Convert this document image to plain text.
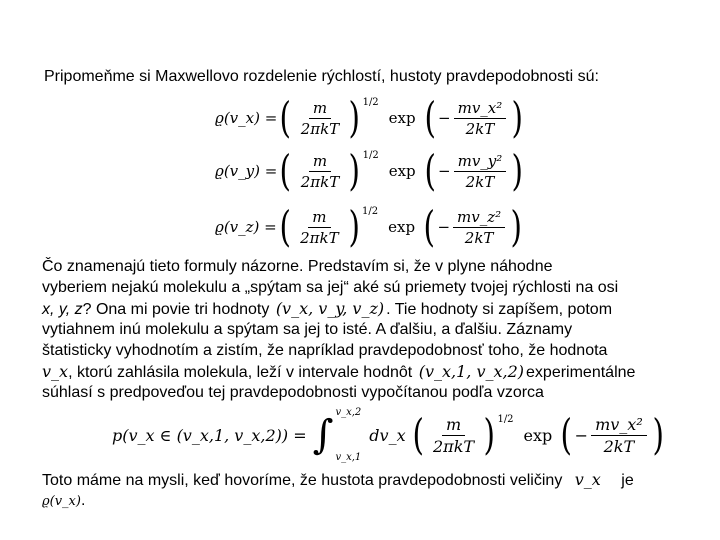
Pripomeňme si Maxwellovo rozdelenie rýchlostí, hustoty pravdepodobnosti sú:
ϱ(v_x) = ( $\frac{m}{\text{2πkT}} )^{1/2}$
exp ( − $\frac{\text{mv\_x²}}{2kT}$ )
ϱ(v_y) = ( $\frac{m}{\text{2πkT}} )^{1/2}$
exp ( − $\frac{\text{mv\_y²}}{2kT}$ )
ϱ(v_z) = ( $\frac{m}{\text{2πkT}} )^{1/2}$
exp ( − $\frac{\text{mv\_z²}}{2kT}$ )
Čo znamenajú tieto formuly názorne. Predstavím si, že v plyne náhodne
vyberiem nejakú molekulu a „spýtam sa jej“ aké sú priemety tvojej rýchlosti na osi
x, y, z? Ona mi povie tri hodnoty (v_x, v_y, v_z) . Tie hodnoty si zapíšem, potom
vytiahnem inú molekulu a spýtam sa jej to isté. A ďalšiu, a ďalšiu. Záznamy
štatisticky vyhodnotím a zistím, že napríklad pravdepodobnosť toho, že hodnota
v_x, ktorú zahlásila molekula, leží v intervale hodnôt (v_x,1, v_x,2) experimentálne
súhlasí s predpoveďou tej pravdepodobnosti vypočítanou podľa vzorca
p(v_x ∈ (v_x,1, v_x,2)) = ∫ v_x,2
v_x,1
dv_x ( $\frac{m}{\text{2πkT}} )^{1/2}$
exp ( − $\frac{\text{mv\_x²}}{2kT}$ )
Toto máme na mysli, keď hovoríme, že hustota pravdepodobnosti veličiny v_x je
ϱ(v_x).
